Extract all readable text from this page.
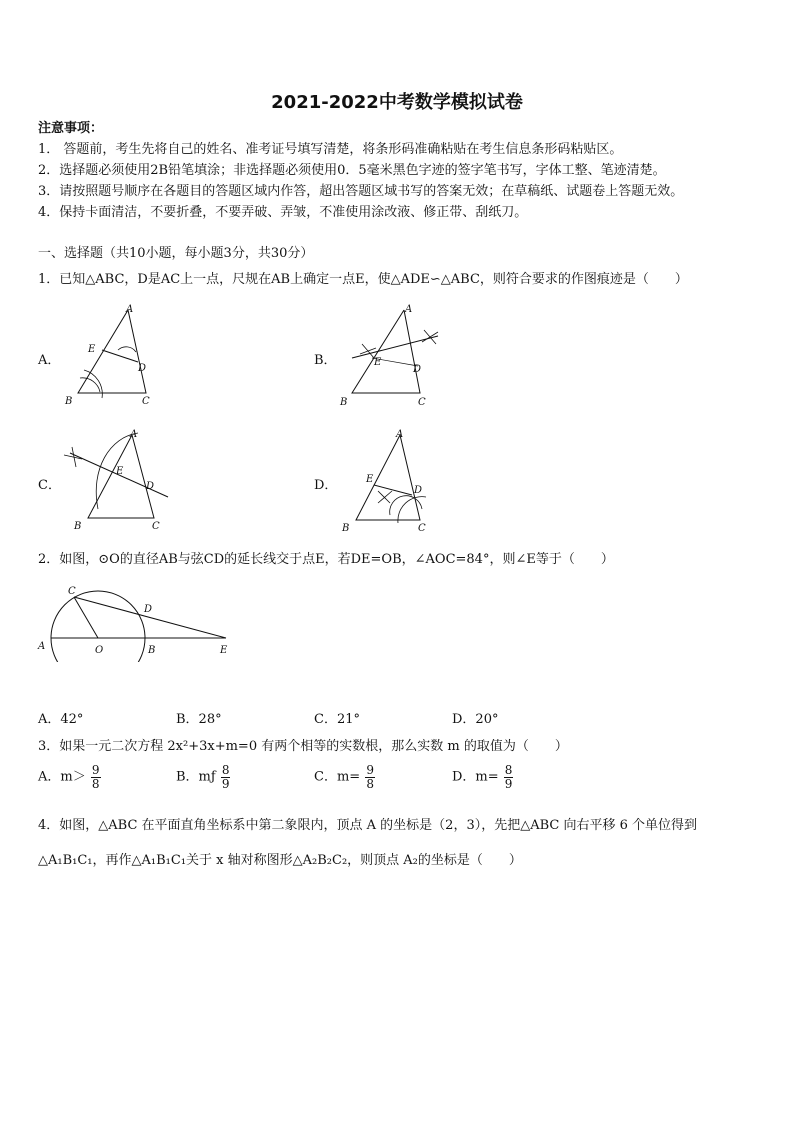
2021-2022中考数学模拟试卷
注意事项：
1． 答题前，考生先将自己的姓名、准考证号填写清楚，将条形码准确粘贴在考生信息条形码粘贴区。
2．选择题必须使用2B铅笔填涂；非选择题必须使用0．5毫米黑色字迹的签字笔书写，字体工整、笔迹清楚。
3．请按照题号顺序在各题目的答题区域内作答，超出答题区域书写的答案无效；在草稿纸、试题卷上答题无效。
4．保持卡面清洁，不要折叠，不要弄破、弄皱，不准使用涂改液、修正带、刮纸刀。
一、选择题（共10小题，每小题3分，共30分）
1．已知△ABC，D是AC上一点，尺规在AB上确定一点E，使△ADE∽△ABC，则符合要求的作图痕迹是（　　）
A．
A
E
D
B	C
B．
A
E
D
B	C
C．
A
E
D
B	C
D．
A
E
D
B	C
2．如图，⊙O的直径AB与弦CD的延长线交于点E，若DE=OB，∠AOC=84°，则∠E等于（　　）
C
D
A	O	B	E
A．42°	B．28°	C．21°	D．20°
3．如果一元二次方程 2x²+3x+m=0 有两个相等的实数根，那么实数 m 的取值为（　　）
A．$m> \frac{9}{8}$	B．mƒ $\frac{8}{9}$	C．$m= \frac{9}{8}$	D．$m= \frac{8}{9}$
4．如图，△ABC 在平面直角坐标系中第二象限内，顶点 A 的坐标是（2，3），先把△ABC 向右平移 6 个单位得到
△A₁B₁C₁，再作△A₁B₁C₁关于 x 轴对称图形△A₂B₂C₂，则顶点 A₂的坐标是（　　）
